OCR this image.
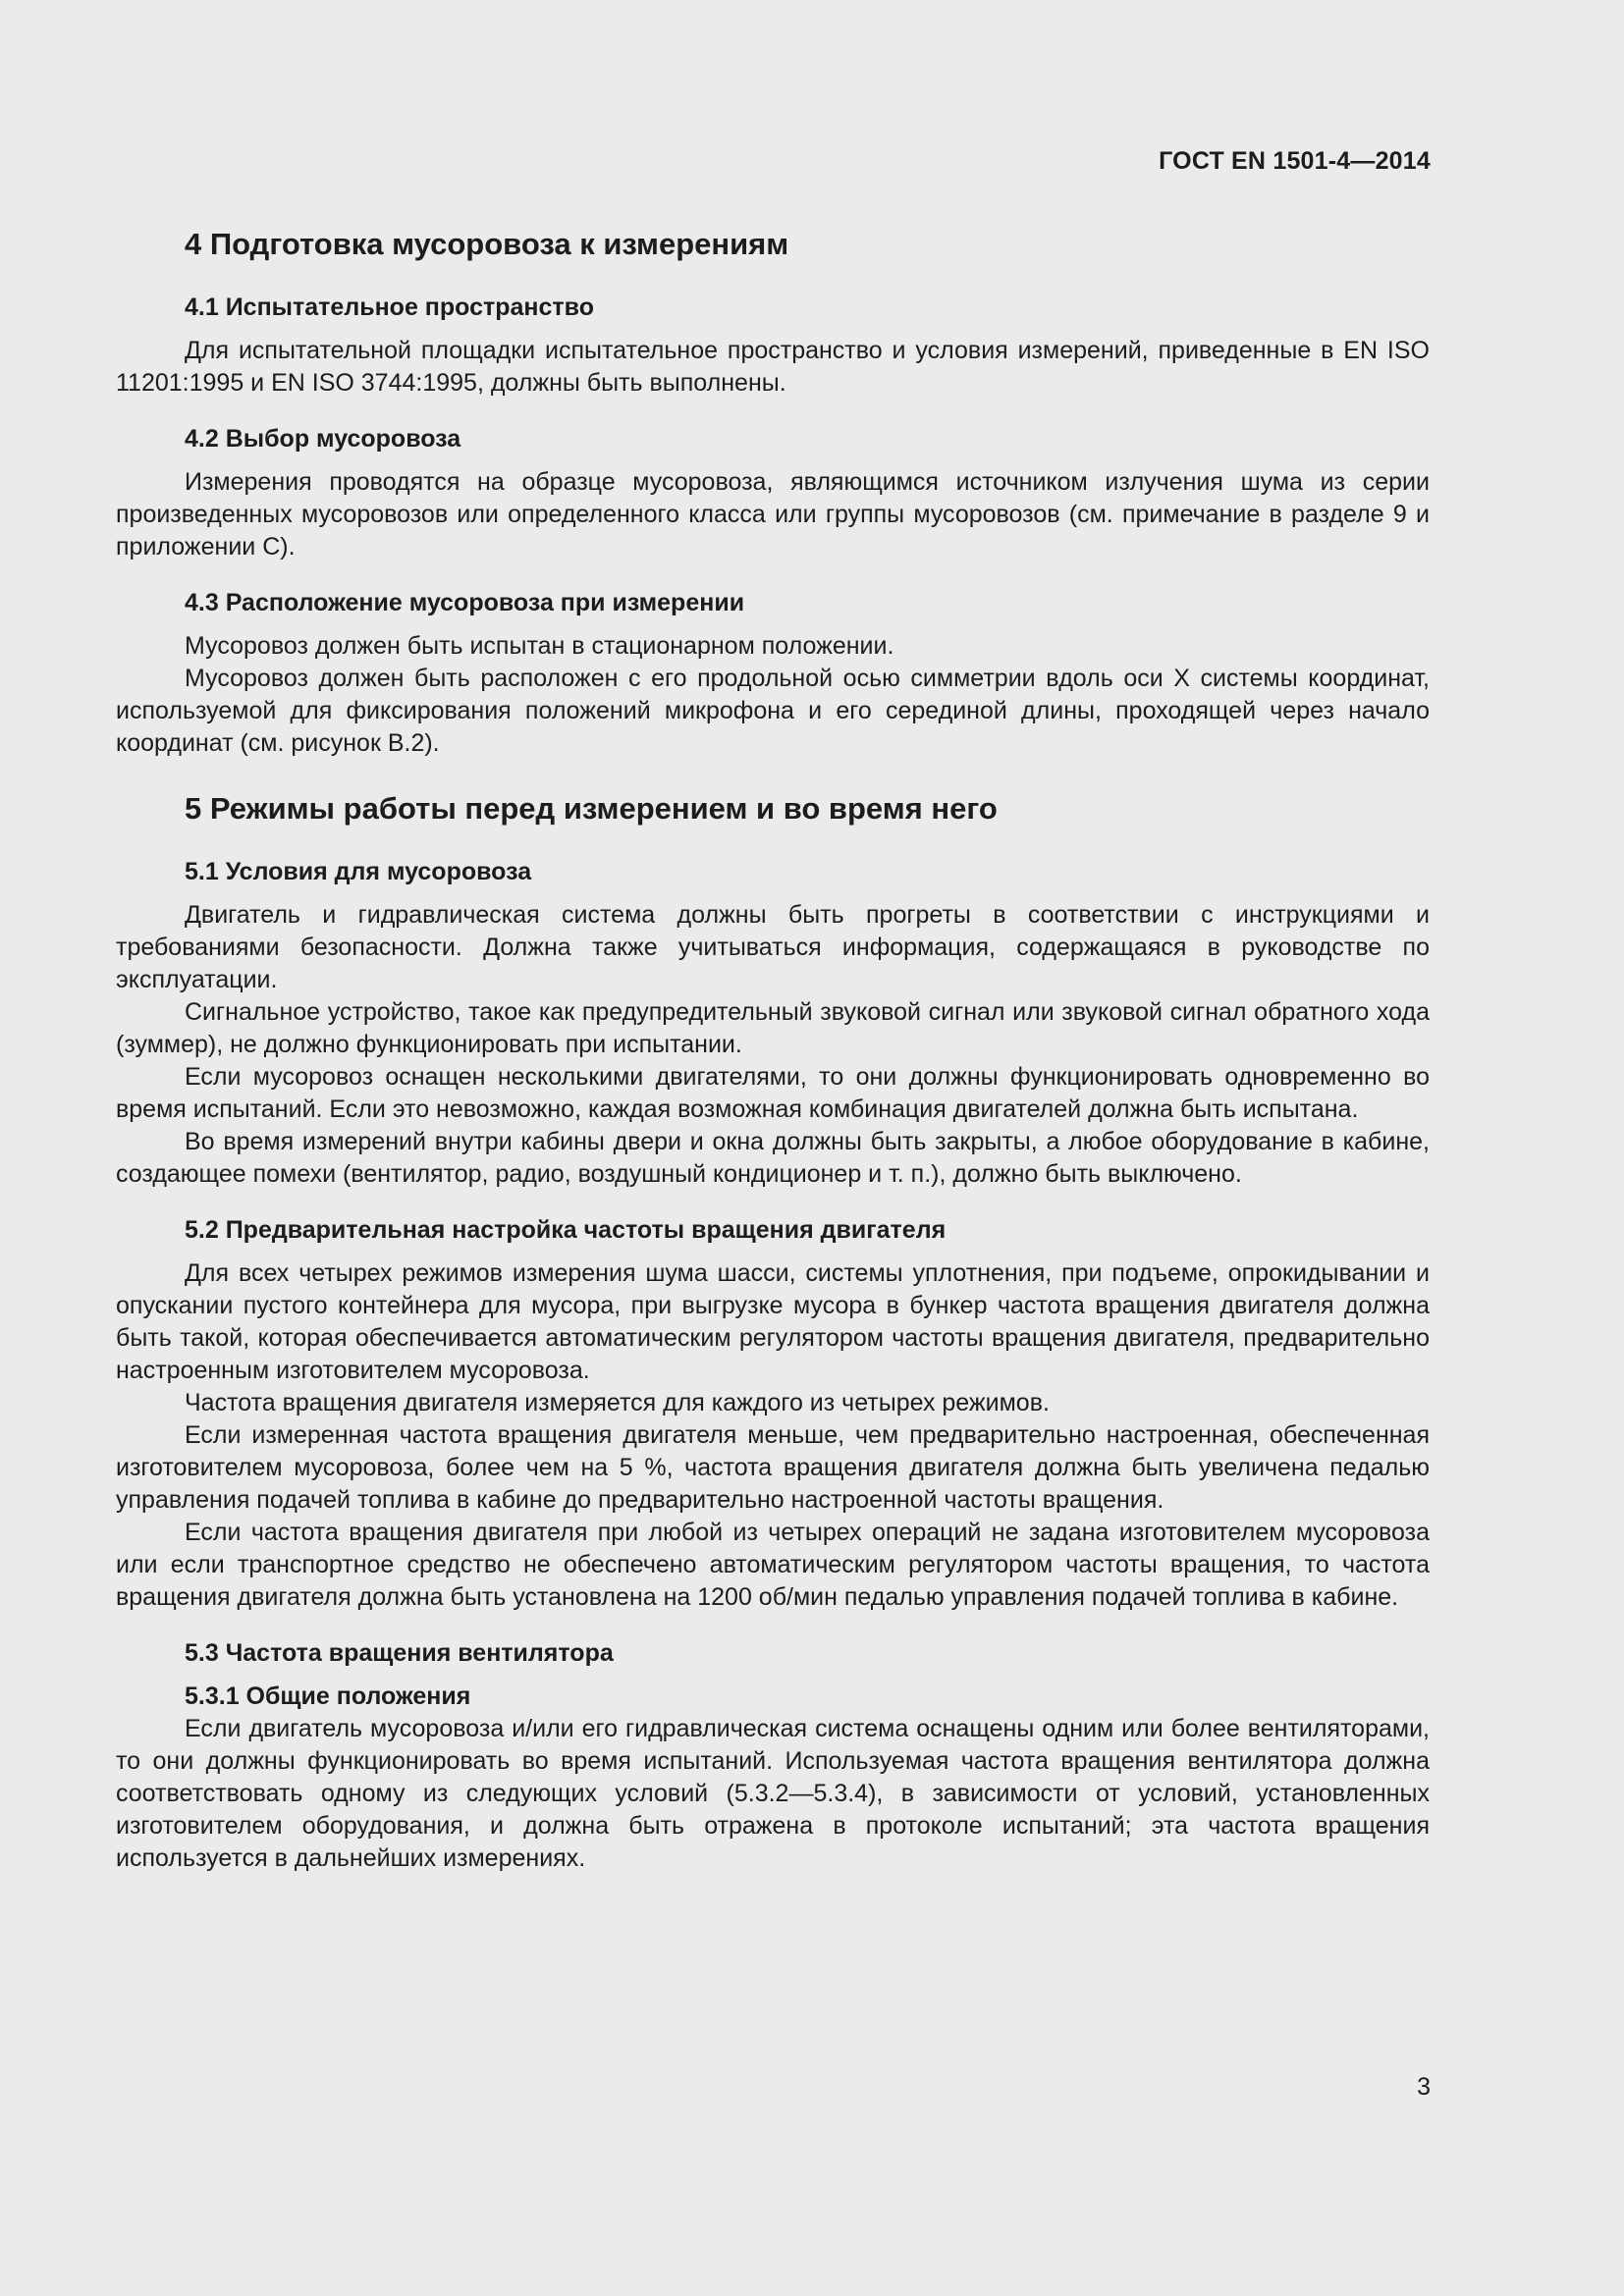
ГОСТ EN 1501-4—2014
4 Подготовка мусоровоза к измерениям
4.1 Испытательное пространство

Для испытательной площадки испытательное пространство и условия измерений, приведенные в EN ISO 11201:1995 и EN ISO 3744:1995, должны быть выполнены.

4.2 Выбор мусоровоза

Измерения проводятся на образце мусоровоза, являющимся источником излучения шума из серии произведенных мусоровозов или определенного класса или группы мусоровозов (см. примечание в разделе 9 и приложении С).

4.3 Расположение мусоровоза при измерении

Мусоровоз должен быть испытан в стационарном положении.

Мусоровоз должен быть расположен с его продольной осью симметрии вдоль оси X системы координат, используемой для фиксирования положений микрофона и его серединой длины, проходящей через начало координат (см. рисунок В.2).

5 Режимы работы перед измерением и во время него
5.1 Условия для мусоровоза

Двигатель и гидравлическая система должны быть прогреты в соответствии с инструкциями и требованиями безопасности. Должна также учитываться информация, содержащаяся в руководстве по эксплуатации.

Сигнальное устройство, такое как предупредительный звуковой сигнал или звуковой сигнал обратного хода (зуммер), не должно функционировать при испытании.

Если мусоровоз оснащен несколькими двигателями, то они должны функционировать одновременно во время испытаний. Если это невозможно, каждая возможная комбинация двигателей должна быть испытана.

Во время измерений внутри кабины двери и окна должны быть закрыты, а любое оборудование в кабине, создающее помехи (вентилятор, радио, воздушный кондиционер и т. п.), должно быть выключено.

5.2 Предварительная настройка частоты вращения двигателя

Для всех четырех режимов измерения шума шасси, системы уплотнения, при подъеме, опрокидывании и опускании пустого контейнера для мусора, при выгрузке мусора в бункер частота вращения двигателя должна быть такой, которая обеспечивается автоматическим регулятором частоты вращения двигателя, предварительно настроенным изготовителем мусоровоза.

Частота вращения двигателя измеряется для каждого из четырех режимов.

Если измеренная частота вращения двигателя меньше, чем предварительно настроенная, обеспеченная изготовителем мусоровоза, более чем на 5 %, частота вращения двигателя должна быть увеличена педалью управления подачей топлива в кабине до предварительно настроенной частоты вращения.

Если частота вращения двигателя при любой из четырех операций не задана изготовителем мусоровоза или если транспортное средство не обеспечено автоматическим регулятором частоты вращения, то частота вращения двигателя должна быть установлена на 1200 об/мин педалью управления подачей топлива в кабине.

5.3 Частота вращения вентилятора
5.3.1 Общие положения

Если двигатель мусоровоза и/или его гидравлическая система оснащены одним или более вентиляторами, то они должны функционировать во время испытаний. Используемая частота вращения вентилятора должна соответствовать одному из следующих условий (5.3.2—5.3.4), в зависимости от условий, установленных изготовителем оборудования, и должна быть отражена в протоколе испытаний; эта частота вращения используется в дальнейших измерениях.

3
